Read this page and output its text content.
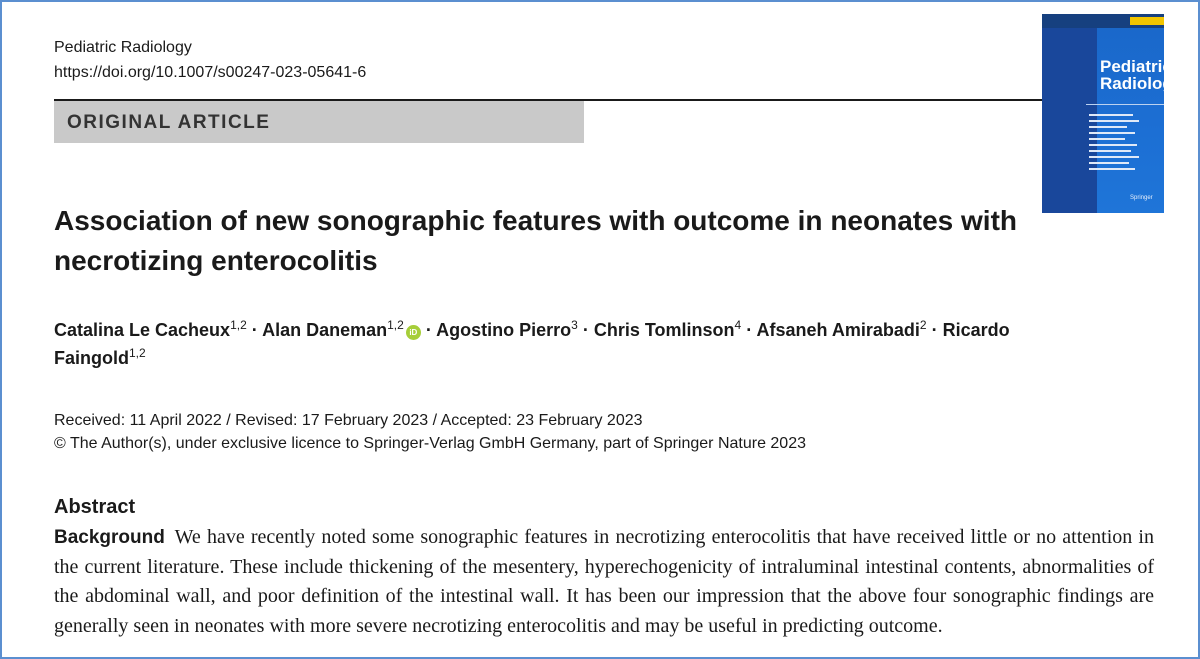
Pediatric Radiology
https://doi.org/10.1007/s00247-023-05641-6
ORIGINAL ARTICLE
Pediatric
Radiology
Springer
Association of new sonographic features with outcome in neonates with necrotizing enterocolitis
Catalina Le Cacheux$^{1,2}$ · Alan Daneman$^{1,2}$iD · Agostino Pierro$^3$ · Chris Tomlinson$^4$ · Afsaneh Amirabadi$^2$ · Ricardo Faingold$^{1,2}$
Received: 11 April 2022 / Revised: 17 February 2023 / Accepted: 23 February 2023
© The Author(s), under exclusive licence to Springer-Verlag GmbH Germany, part of Springer Nature 2023
Abstract
Background We have recently noted some sonographic features in necrotizing enterocolitis that have received little or no attention in the current literature. These include thickening of the mesentery, hyperechogenicity of intraluminal intestinal contents, abnormalities of the abdominal wall, and poor definition of the intestinal wall. It has been our impression that the above four sonographic findings are generally seen in neonates with more severe necrotizing enterocolitis and may be useful in predicting outcome.
